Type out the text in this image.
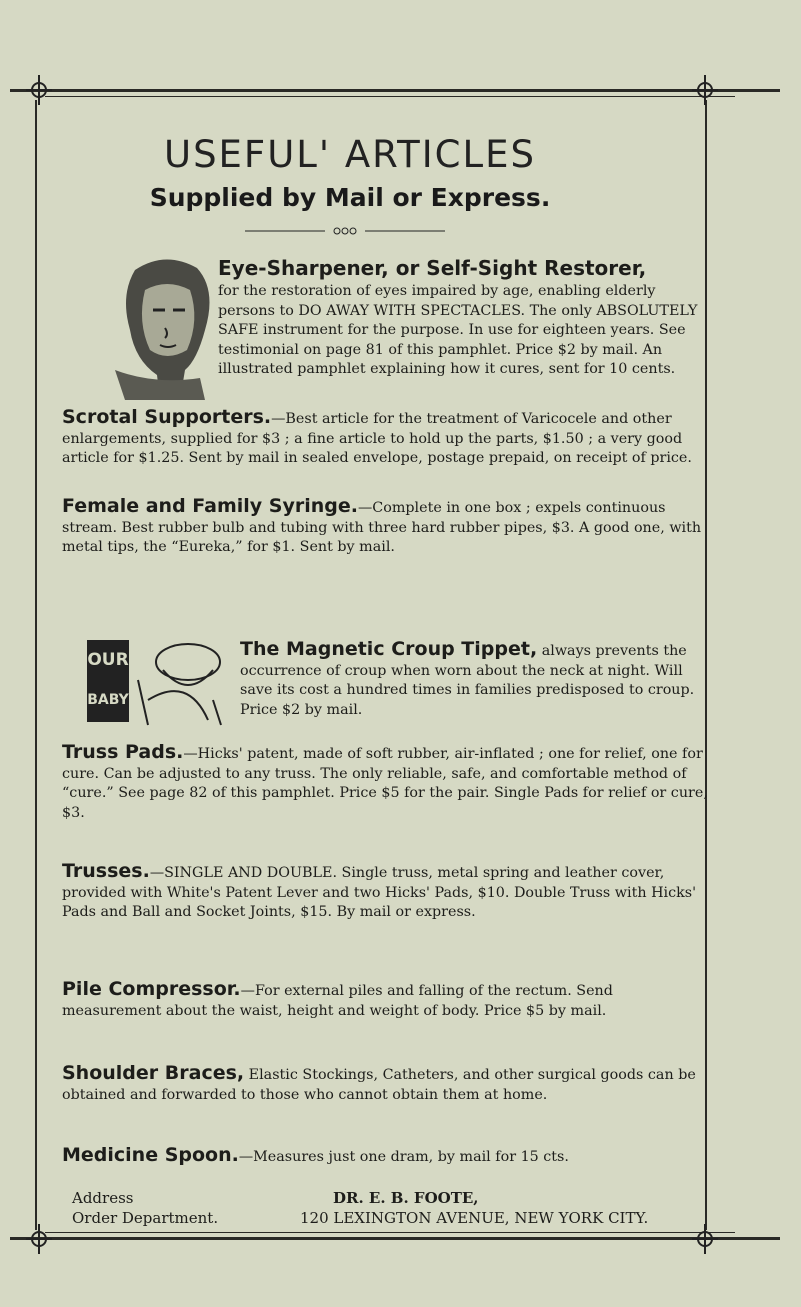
USEFUL' ARTICLES
Supplied by Mail or Express.
Eye-Sharpener, or Self-Sight Restorer,
for the restoration of eyes impaired by age, enabling elderly persons to DO AWAY WITH SPECTACLES. The only ABSOLUTELY SAFE instrument for the purpose. In use for eighteen years. See testimonial on page 81 of this pamphlet. Price $2 by mail. An illustrated pamphlet explaining how it cures, sent for 10 cents.
Scrotal Supporters.—Best article for the treatment of Varicocele and other enlargements, supplied for $3 ; a fine article to hold up the parts, $1.50 ; a very good article for $1.25. Sent by mail in sealed envelope, postage prepaid, on receipt of price.
Female and Family Syringe.—Complete in one box ; expels continuous stream. Best rubber bulb and tubing with three hard rubber pipes, $3. A good one, with metal tips, the “Eureka,” for $1. Sent by mail.
OUR
BABY
The Magnetic Croup Tippet, always prevents the occurrence of croup when worn about the neck at night. Will save its cost a hundred times in families predisposed to croup. Price $2 by mail.
Truss Pads.—Hicks' patent, made of soft rubber, air-inflated ; one for relief, one for cure. Can be adjusted to any truss. The only reliable, safe, and comfortable method of “cure.” See page 82 of this pamphlet. Price $5 for the pair. Single Pads for relief or cure, $3.
Trusses.—SINGLE AND DOUBLE. Single truss, metal spring and leather cover, provided with White's Patent Lever and two Hicks' Pads, $10. Double Truss with Hicks' Pads and Ball and Socket Joints, $15. By mail or express.
Pile Compressor.—For external piles and falling of the rectum. Send measurement about the waist, height and weight of body. Price $5 by mail.
Shoulder Braces, Elastic Stockings, Catheters, and other surgical goods can be obtained and forwarded to those who cannot obtain them at home.
Medicine Spoon.—Measures just one dram, by mail for 15 cts.
Address
Order Department.
DR. E. B. FOOTE,
120 LEXINGTON AVENUE, NEW YORK CITY.
